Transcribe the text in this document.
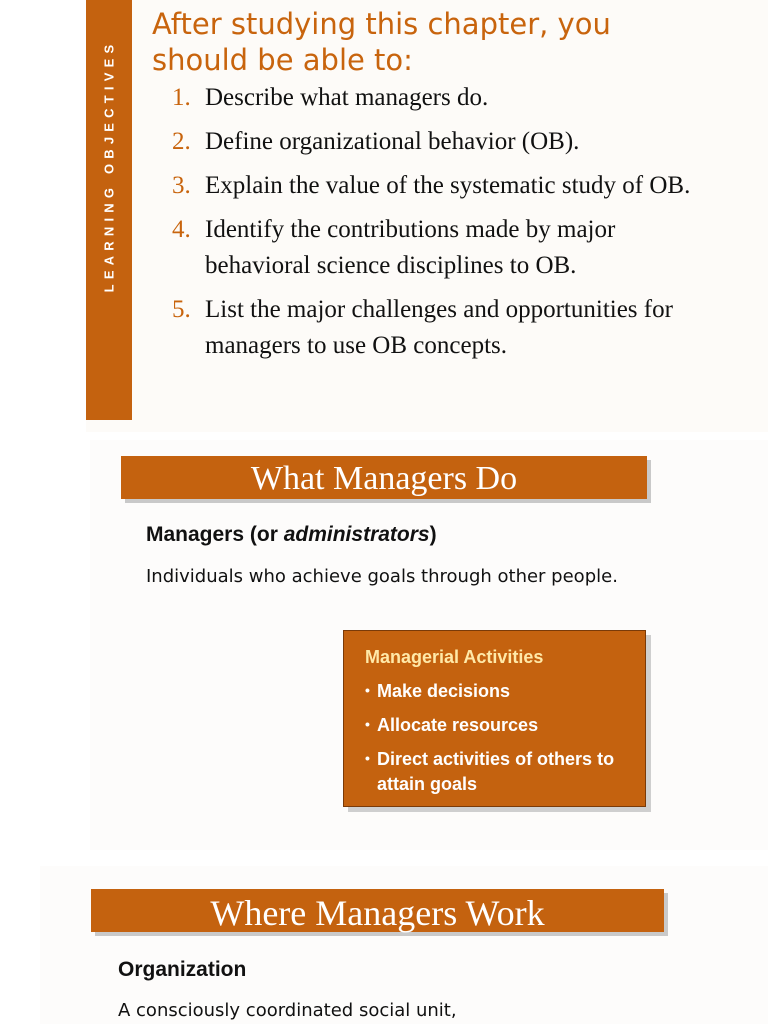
LEARNING OBJECTIVES
After studying this chapter, you should be able to:
1. Describe what managers do.
2. Define organizational behavior (OB).
3. Explain the value of the systematic study of OB.
4. Identify the contributions made by major behavioral science disciplines to OB.
5. List the major challenges and opportunities for managers to use OB concepts.
What Managers Do
Managers (or administrators)
Individuals who achieve goals through other people.
Managerial Activities
• Make decisions
• Allocate resources
• Direct activities of others to attain goals
Where Managers Work
Organization
A consciously coordinated social unit,
